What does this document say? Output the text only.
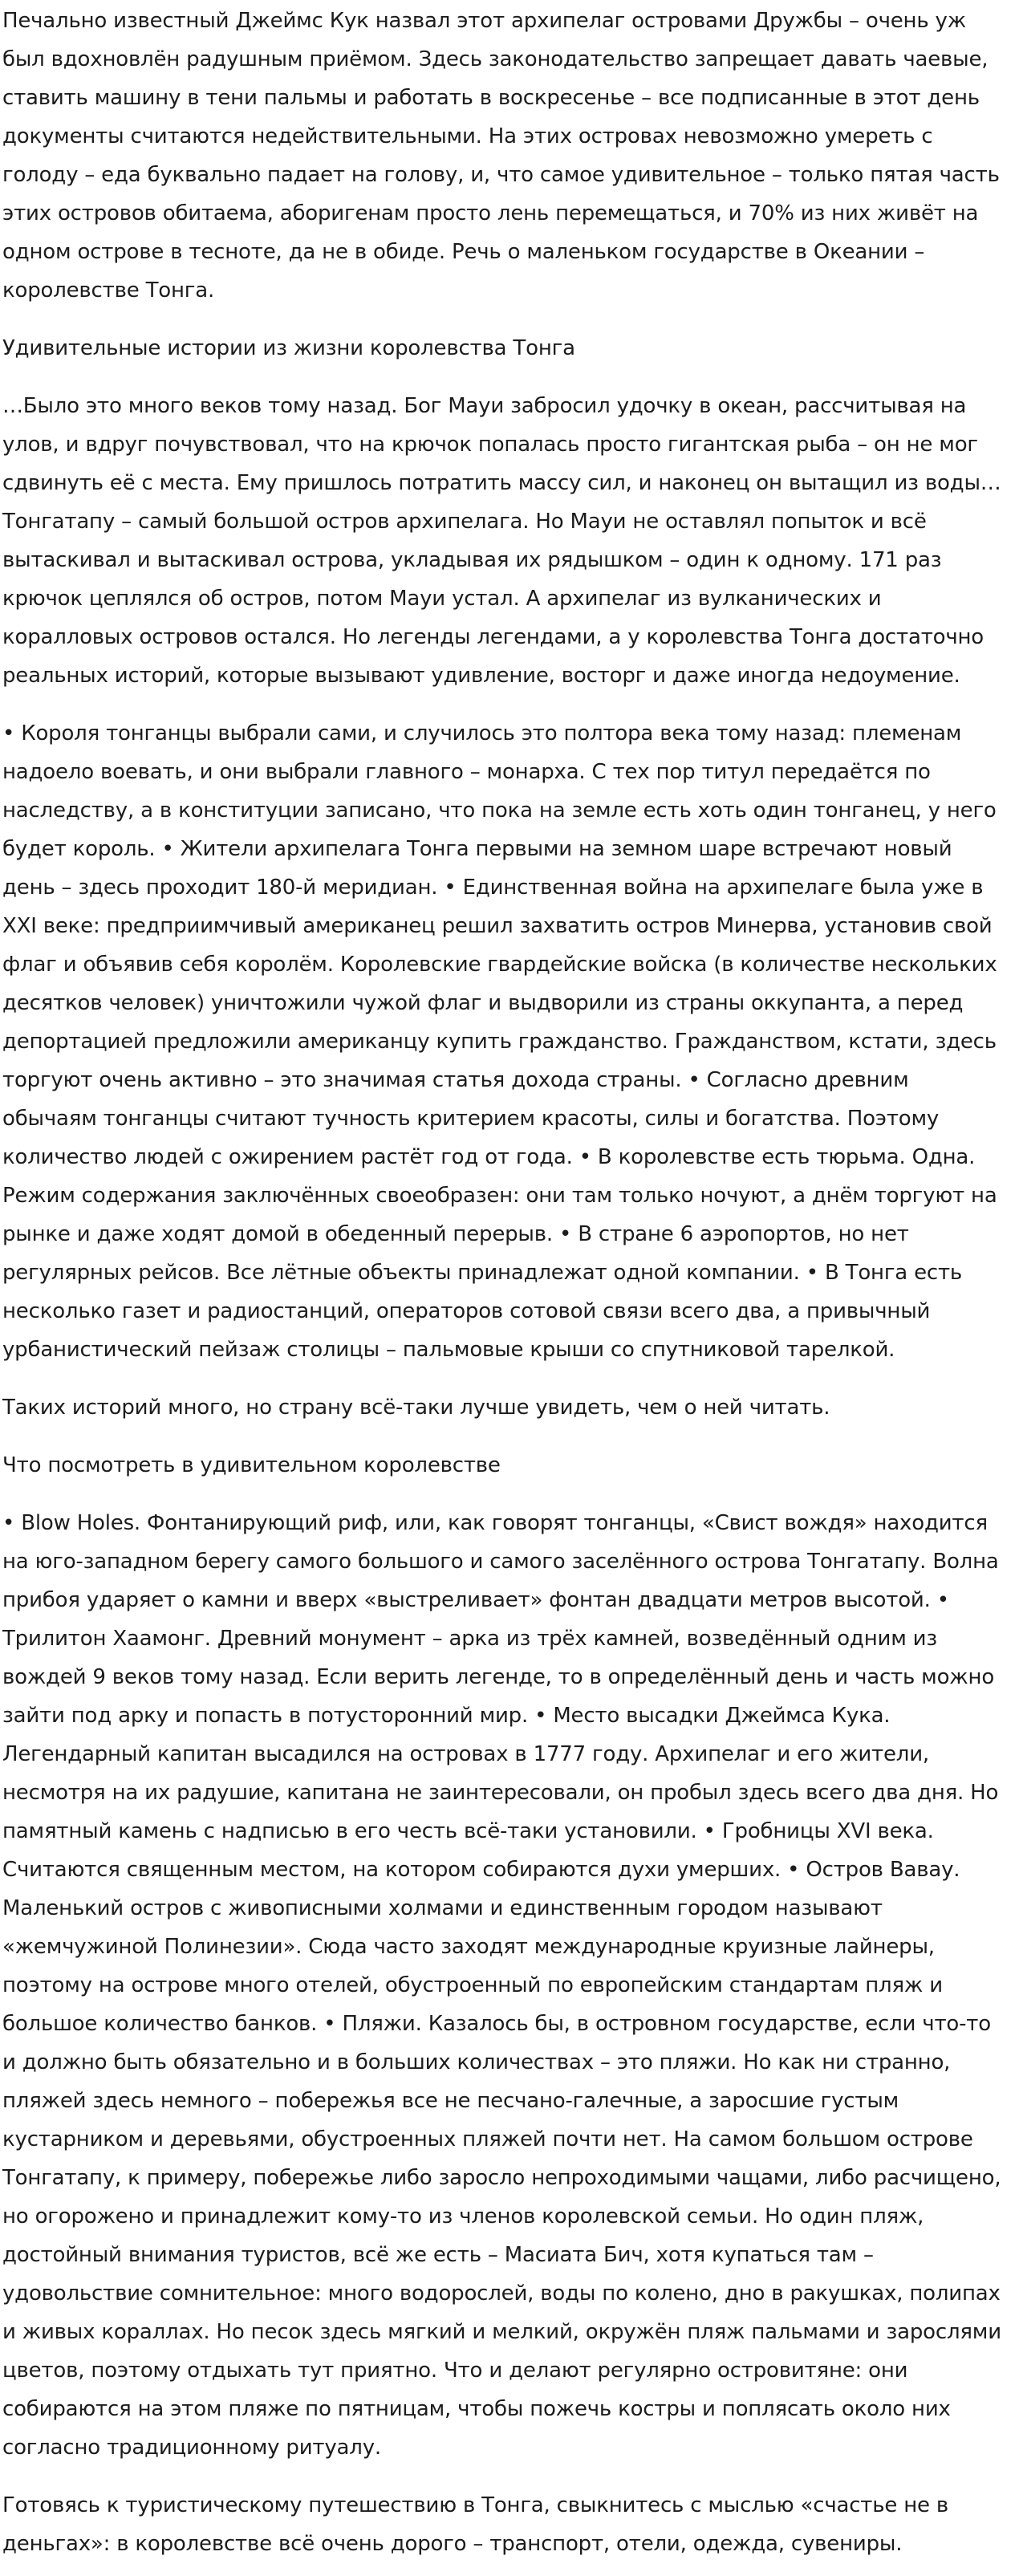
Печально известный Джеймс Кук назвал этот архипелаг островами Дружбы – очень уж был вдохновлён радушным приёмом. Здесь законодательство запрещает давать чаевые, ставить машину в тени пальмы и работать в воскресенье – все подписанные в этот день документы считаются недействительными. На этих островах невозможно умереть с голоду – еда буквально падает на голову, и, что самое удивительное – только пятая часть этих островов обитаема, аборигенам просто лень перемещаться, и 70% из них живёт на одном острове в тесноте, да не в обиде. Речь о маленьком государстве в Океании – королевстве Тонга.

Удивительные истории из жизни королевства Тонга

…Было это много веков тому назад. Бог Мауи забросил удочку в океан, рассчитывая на улов, и вдруг почувствовал, что на крючок попалась просто гигантская рыба – он не мог сдвинуть её с места. Ему пришлось потратить массу сил, и наконец он вытащил из воды… Тонгатапу – самый большой остров архипелага. Но Мауи не оставлял попыток и всё вытаскивал и вытаскивал острова, укладывая их рядышком – один к одному. 171 раз крючок цеплялся об остров, потом Мауи устал. А архипелаг из вулканических и коралловых островов остался. Но легенды легендами, а у королевства Тонга достаточно реальных историй, которые вызывают удивление, восторг и даже иногда недоумение.

• Короля тонганцы выбрали сами, и случилось это полтора века тому назад: племенам надоело воевать, и они выбрали главного – монарха. С тех пор титул передаётся по наследству, а в конституции записано, что пока на земле есть хоть один тонганец, у него будет король. • Жители архипелага Тонга первыми на земном шаре встречают новый день – здесь проходит 180-й меридиан. • Единственная война на архипелаге была уже в XXI веке: предприимчивый американец решил захватить остров Минерва, установив свой флаг и объявив себя королём. Королевские гвардейские войска (в количестве нескольких десятков человек) уничтожили чужой флаг и выдворили из страны оккупанта, а перед депортацией предложили американцу купить гражданство. Гражданством, кстати, здесь торгуют очень активно – это значимая статья дохода страны. • Согласно древним обычаям тонганцы считают тучность критерием красоты, силы и богатства. Поэтому количество людей с ожирением растёт год от года. • В королевстве есть тюрьма. Одна. Режим содержания заключённых своеобразен: они там только ночуют, а днём торгуют на рынке и даже ходят домой в обеденный перерыв. • В стране 6 аэропортов, но нет регулярных рейсов. Все лётные объекты принадлежат одной компании. • В Тонга есть несколько газет и радиостанций, операторов сотовой связи всего два, а привычный урбанистический пейзаж столицы – пальмовые крыши со спутниковой тарелкой.

Таких историй много, но страну всё-таки лучше увидеть, чем о ней читать.

Что посмотреть в удивительном королевстве

• Blow Holes. Фонтанирующий риф, или, как говорят тонганцы, «Свист вождя» находится на юго-западном берегу самого большого и самого заселённого острова Тонгатапу. Волна прибоя ударяет о камни и вверх «выстреливает» фонтан двадцати метров высотой. • Трилитон Хаамонг. Древний монумент – арка из трёх камней, возведённый одним из вождей 9 веков тому назад. Если верить легенде, то в определённый день и часть можно зайти под арку и попасть в потусторонний мир. • Место высадки Джеймса Кука. Легендарный капитан высадился на островах в 1777 году. Архипелаг и его жители, несмотря на их радушие, капитана не заинтересовали, он пробыл здесь всего два дня. Но памятный камень с надписью в его честь всё-таки установили. • Гробницы XVI века. Считаются священным местом, на котором собираются духи умерших. • Остров Вавау. Маленький остров с живописными холмами и единственным городом называют «жемчужиной Полинезии». Сюда часто заходят международные круизные лайнеры, поэтому на острове много отелей, обустроенный по европейским стандартам пляж и большое количество банков. • Пляжи. Казалось бы, в островном государстве, если что-то и должно быть обязательно и в больших количествах – это пляжи. Но как ни странно, пляжей здесь немного – побережья все не песчано-галечные, а заросшие густым кустарником и деревьями, обустроенных пляжей почти нет. На самом большом острове Тонгатапу, к примеру, побережье либо заросло непроходимыми чащами, либо расчищено, но огорожено и принадлежит кому-то из членов королевской семьи. Но один пляж, достойный внимания туристов, всё же есть – Масиата Бич, хотя купаться там – удовольствие сомнительное: много водорослей, воды по колено, дно в ракушках, полипах и живых кораллах. Но песок здесь мягкий и мелкий, окружён пляж пальмами и зарослями цветов, поэтому отдыхать тут приятно. Что и делают регулярно островитяне: они собираются на этом пляже по пятницам, чтобы пожечь костры и поплясать около них согласно традиционному ритуалу.

Готовясь к туристическому путешествию в Тонга, свыкнитесь с мыслью «счастье не в деньгах»: в королевстве всё очень дорого – транспорт, отели, одежда, сувениры.
